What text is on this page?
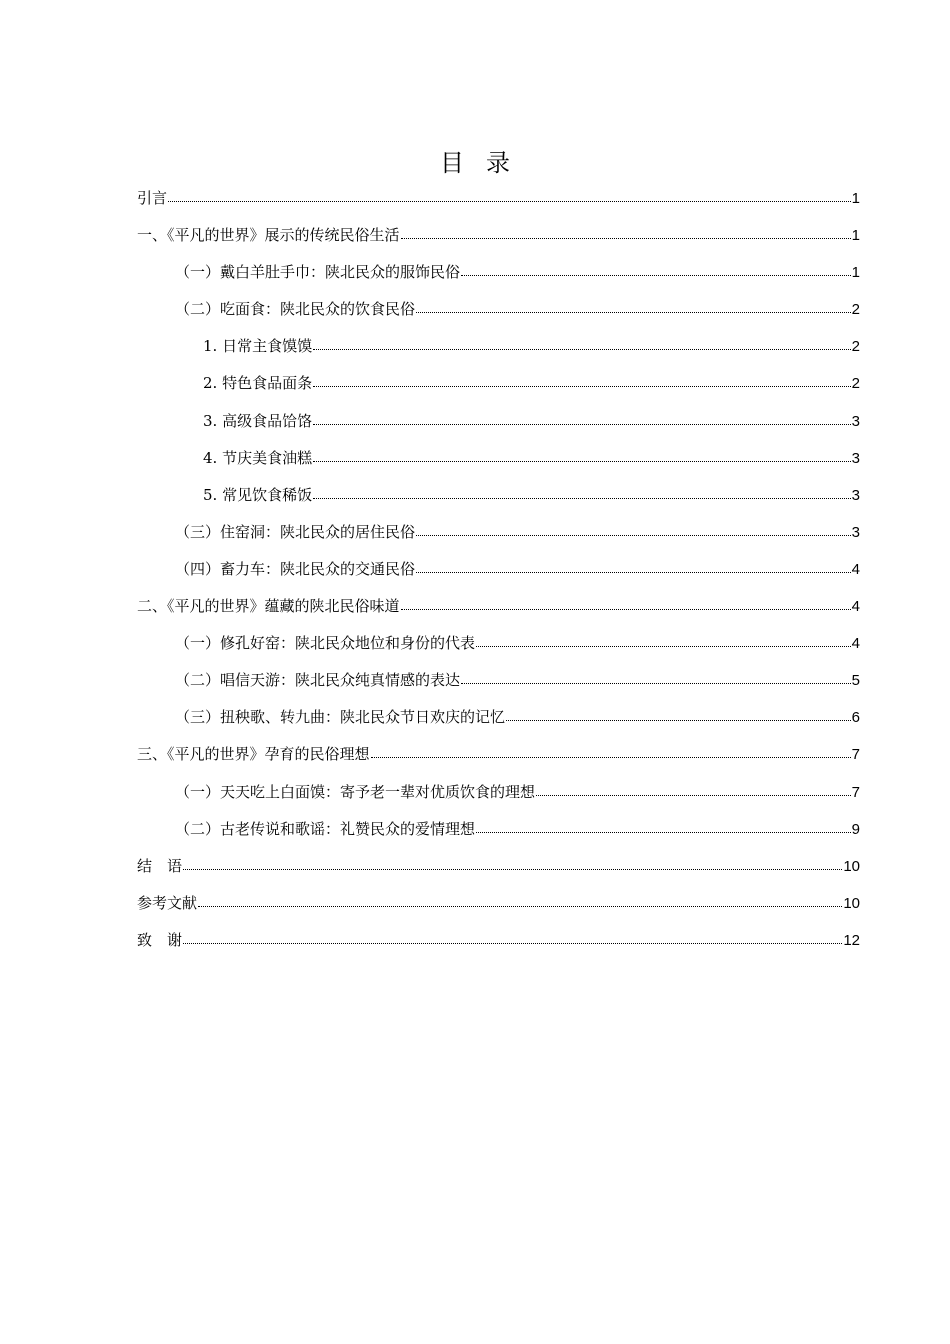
目录
引言	1
一、《平凡的世界》展示的传统民俗生活	1
（一）戴白羊肚手巾：陕北民众的服饰民俗	1
（二）吃面食：陕北民众的饮食民俗	2
1. 日常主食馍馍	2
2. 特色食品面条	2
3. 高级食品饸饹	3
4. 节庆美食油糕	3
5. 常见饮食稀饭	3
（三）住窑洞：陕北民众的居住民俗	3
（四）畜力车：陕北民众的交通民俗	4
二、《平凡的世界》蕴藏的陕北民俗味道	4
（一）修孔好窑：陕北民众地位和身份的代表	4
（二）唱信天游：陕北民众纯真情感的表达	5
（三）扭秧歌、转九曲：陕北民众节日欢庆的记忆	6
三、《平凡的世界》孕育的民俗理想	7
（一）天天吃上白面馍：寄予老一辈对优质饮食的理想	7
（二）古老传说和歌谣：礼赞民众的爱情理想	9
结　语	10
参考文献	10
致　谢	12
